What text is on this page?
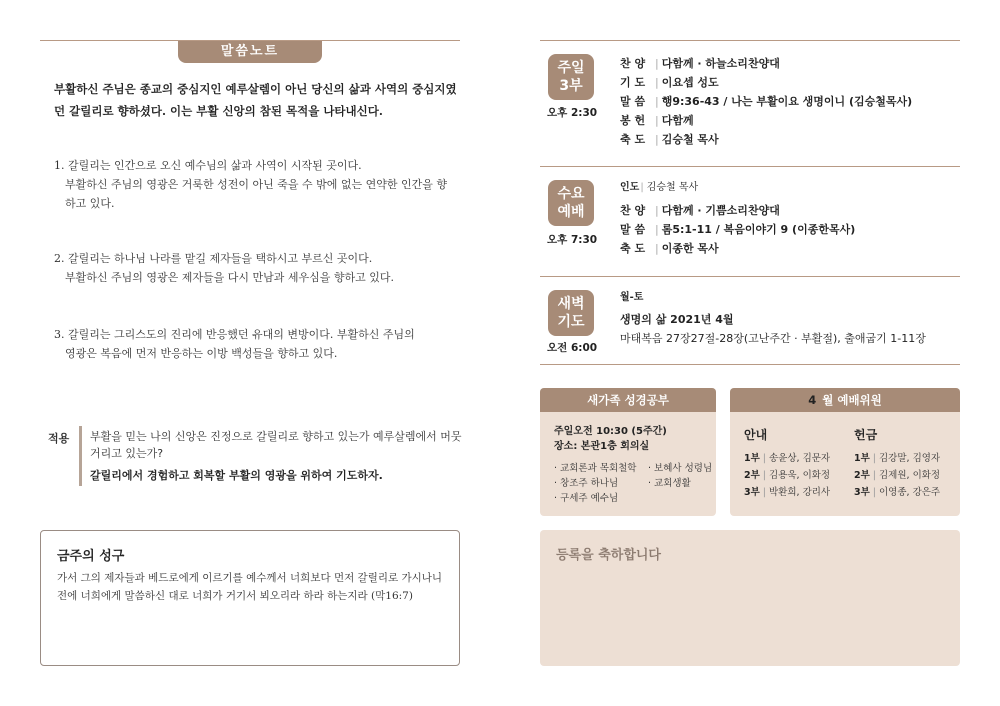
말씀노트
부활하신 주님은 종교의 중심지인 예루살렘이 아닌 당신의 삶과 사역의 중심지였던 갈릴리로 향하셨다. 이는 부활 신앙의 참된 목적을 나타내신다.
1. 갈릴리는 인간으로 오신 예수님의 삶과 사역이 시작된 곳이다.
부활하신 주님의 영광은 거룩한 성전이 아닌 죽을 수 밖에 없는 연약한 인간을 향하고 있다.
2. 갈릴리는 하나님 나라를 맡길 제자들을 택하시고 부르신 곳이다.
부활하신 주님의 영광은 제자들을 다시 만남과 세우심을 향하고 있다.
3. 갈릴리는 그리스도의 진리에 반응했던 유대의 변방이다. 부활하신 주님의
영광은 복음에 먼저 반응하는 이방 백성들을 향하고 있다.
적용 부활을 믿는 나의 신앙은 진정으로 갈릴리로 향하고 있는가 예루살렘에서 머뭇거리고 있는가?
갈릴리에서 경험하고 회복할 부활의 영광을 위하여 기도하자.
금주의 성구
가서 그의 제자들과 베드로에게 이르기를 예수께서 너희보다 먼저 갈릴리로 가시나니 전에 너희에게 말씀하신 대로 너희가 거기서 뵈오리라 하라 하는지라 (막16:7)
주일
3부
오후 2:30
찬 양 | 다함께 · 하늘소리찬양대
기 도 | 이요셉 성도
말 씀 | 행9:36-43 / 나는 부활이요 생명이니 (김승철목사)
봉 헌 | 다함께
축 도 | 김승철 목사
수요
예배
오후 7:30
인도| 김승철 목사
찬 양 | 다함께 · 기쁨소리찬양대
말 씀 | 롬5:1-11 / 복음이야기 9 (이종한목사)
축 도 | 이종한 목사
새벽
기도
오전 6:00
월-토
생명의 삶 2021년 4월
마태복음 27장27절-28장(고난주간 · 부활절), 출애굽기 1-11장
새가족 성경공부
주일오전 10:30 (5주간)
장소: 본관1층 회의실
· 교회론과 목회철학 · 보혜사 성령님
· 창조주 하나님	· 교회생활
· 구세주 예수님
4 월 예배위원
안내	헌금
1부 | 송윤상, 김문자
2부 | 김용욱, 이화정
3부 | 박환희, 강리사
1부 | 김강말, 김영자
2부 | 김제원, 이화정
3부 | 이영종, 강은주
등록을 축하합니다
